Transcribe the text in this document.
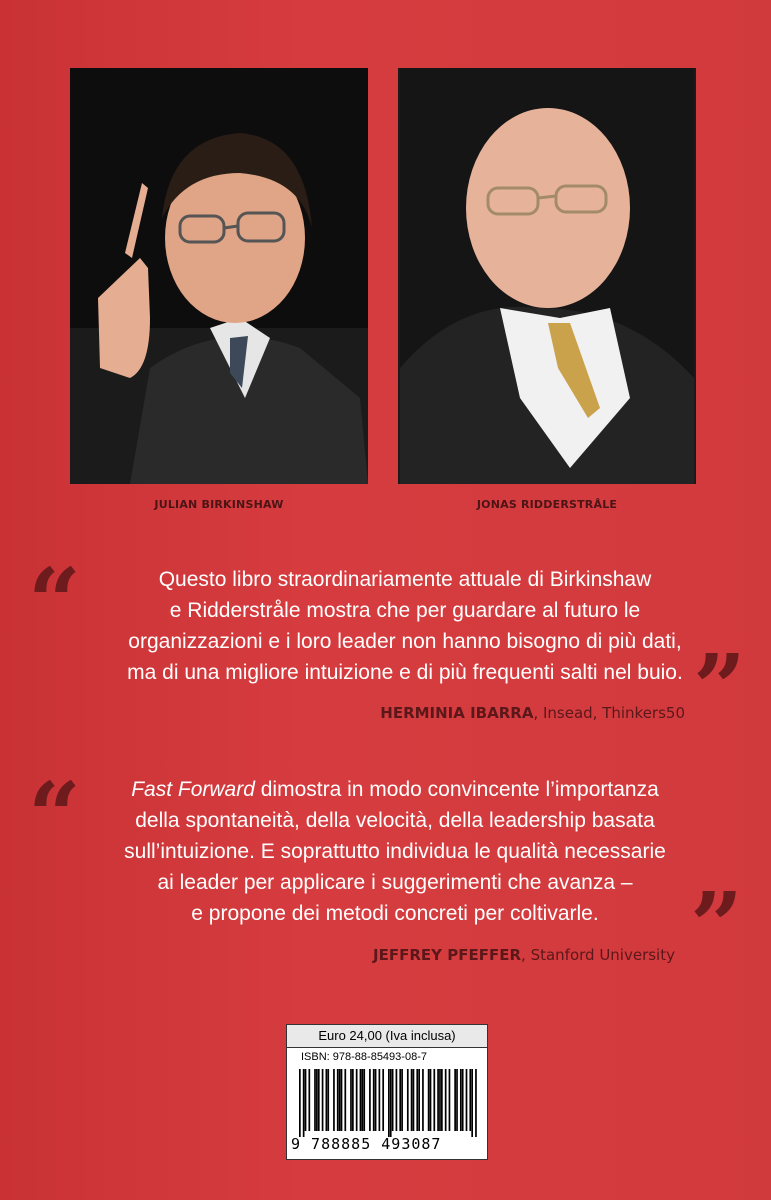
JULIAN BIRKINSHAW	JONAS RIDDERSTRÅLE
“	Questo libro straordinariamente attuale di Birkinshaw
e Ridderstråle mostra che per guardare al futuro le
organizzazioni e i loro leader non hanno bisogno di più dati,
ma di una migliore intuizione e di più frequenti salti nel buio. ”
HERMINIA IBARRA, Insead, Thinkers50
“	Fast Forward dimostra in modo convincente l’importanza
della spontaneità, della velocità, della leadership basata
sull’intuizione. E soprattutto individua le qualità necessarie
ai leader per applicare i suggerimenti che avanza –
e propone dei metodi concreti per coltivarle. ”
JEFFREY PFEFFER, Stanford University
Euro 24,00 (Iva inclusa)
ISBN: 978-88-85493-08-7
9 788885 493087
